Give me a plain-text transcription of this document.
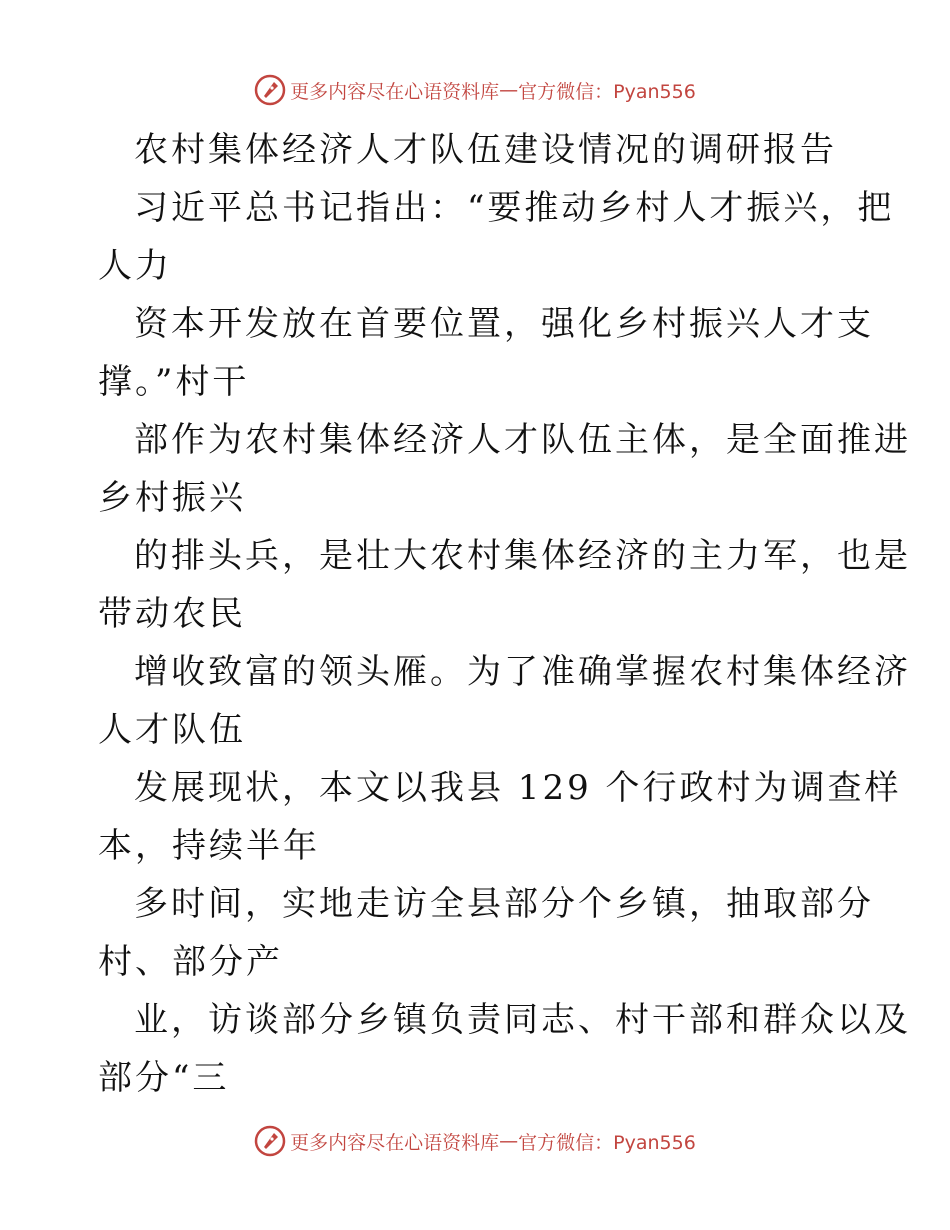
更多内容尽在心语资料库 — 官方微信：Pyan556
农村集体经济人才队伍建设情况的调研报告
习近平总书记指出：“要推动乡村人才振兴，把
人力
资本开发放在首要位置，强化乡村振兴人才支
撑。”村干
部作为农村集体经济人才队伍主体，是全面推进
乡村振兴
的排头兵，是壮大农村集体经济的主力军，也是
带动农民
增收致富的领头雁。为了准确掌握农村集体经济
人才队伍
发展现状，本文以我县 129 个行政村为调查样
本，持续半年
多时间，实地走访全县部分个乡镇，抽取部分
村、部分产
业，访谈部分乡镇负责同志、村干部和群众以及
部分“三
更多内容尽在心语资料库 — 官方微信：Pyan556
